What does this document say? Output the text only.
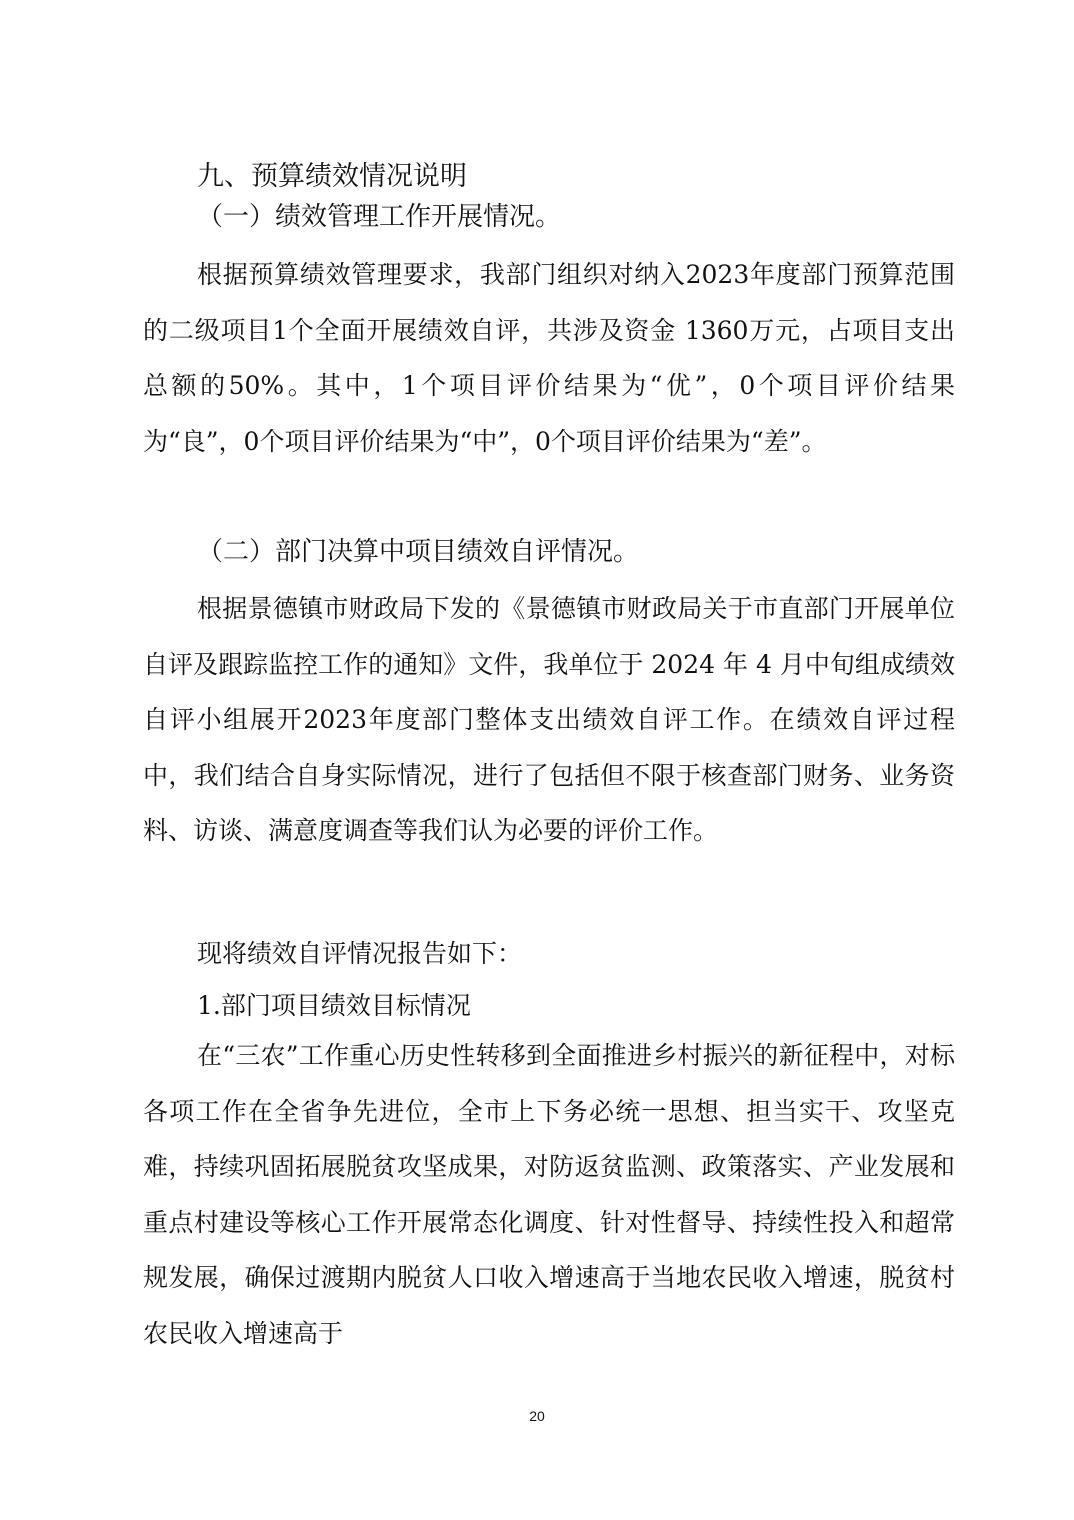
九、预算绩效情况说明
（一）绩效管理工作开展情况。

根据预算绩效管理要求，我部门组织对纳入2023年度部门预算范围的二级项目1个全面开展绩效自评，共涉及资金 1360万元，占项目支出总额的50%。其中，1个项目评价结果为“优”，0个项目评价结果为“良”，0个项目评价结果为“中”，0个项目评价结果为“差”。

（二）部门决算中项目绩效自评情况。

根据景德镇市财政局下发的《景德镇市财政局关于市直部门开展单位自评及跟踪监控工作的通知》文件，我单位于 2024 年 4 月中旬组成绩效自评小组展开2023年度部门整体支出绩效自评工作。在绩效自评过程中，我们结合自身实际情况，进行了包括但不限于核查部门财务、业务资料、访谈、满意度调查等我们认为必要的评价工作。

现将绩效自评情况报告如下：

1.部门项目绩效目标情况

在“三农”工作重心历史性转移到全面推进乡村振兴的新征程中，对标各项工作在全省争先进位，全市上下务必统一思想、担当实干、攻坚克难，持续巩固拓展脱贫攻坚成果，对防返贫监测、政策落实、产业发展和重点村建设等核心工作开展常态化调度、针对性督导、持续性投入和超常规发展，确保过渡期内脱贫人口收入增速高于当地农民收入增速，脱贫村农民收入增速高于

20
